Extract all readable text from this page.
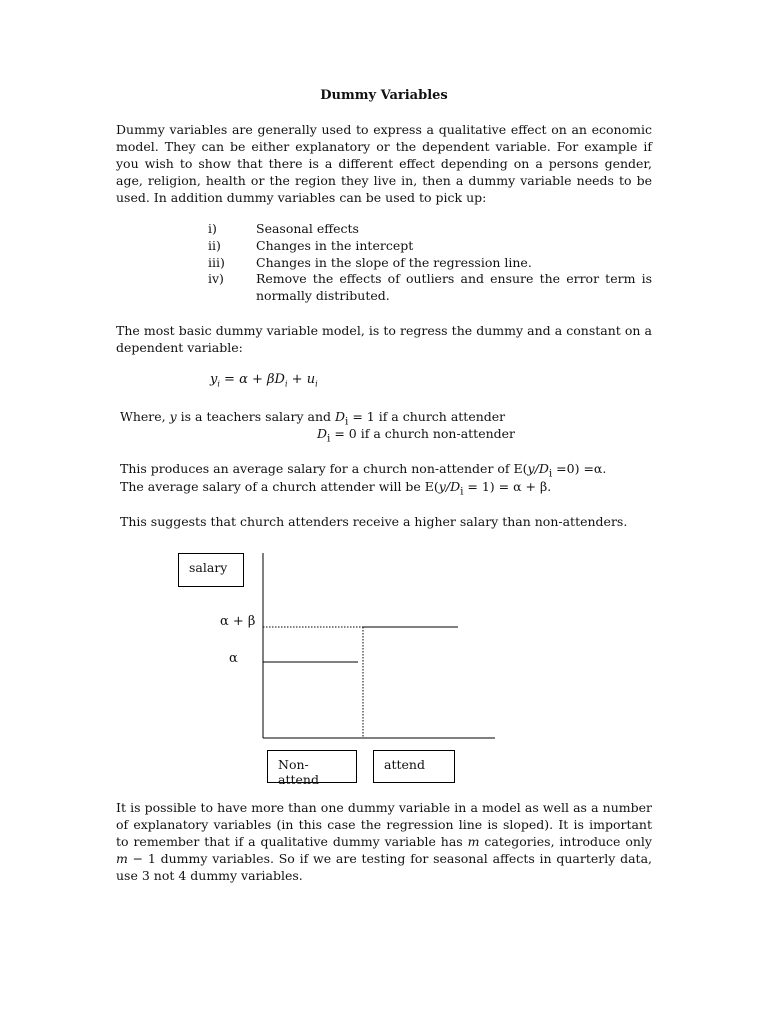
Dummy Variables
Dummy variables are generally used to express a qualitative effect on an economic model. They can be either explanatory or the dependent variable. For example if you wish to show that there is a different effect depending on a persons gender, age, religion, health or the region they live in, then a dummy variable needs to be used. In addition dummy variables can be used to pick up:
i)	Seasonal effects
ii)	Changes in the intercept
iii)	Changes in the slope of the regression line.
iv)	Remove the effects of outliers and ensure the error term is normally distributed.
The most basic dummy variable model, is to regress the dummy and a constant on a dependent variable:
$y_i = \alpha + \beta D_i + u_i$
Where, y is a teachers salary and $D_i = 1$ if a church attender
$D_i = 0$ if a church non-attender
This produces an average salary for a church non-attender of $E(y/D_i =0) =\alpha$.
The average salary of a church attender will be $E(y/D_i = 1) = \alpha + \beta$.
This suggests that church attenders receive a higher salary than non-attenders.
salary
Non-attend
attend
α + β
α
It is possible to have more than one dummy variable in a model as well as a number of explanatory variables (in this case the regression line is sloped). It is important to remember that if a qualitative dummy variable has m categories, introduce only m − 1 dummy variables. So if we are testing for seasonal affects in quarterly data, use 3 not 4 dummy variables.
